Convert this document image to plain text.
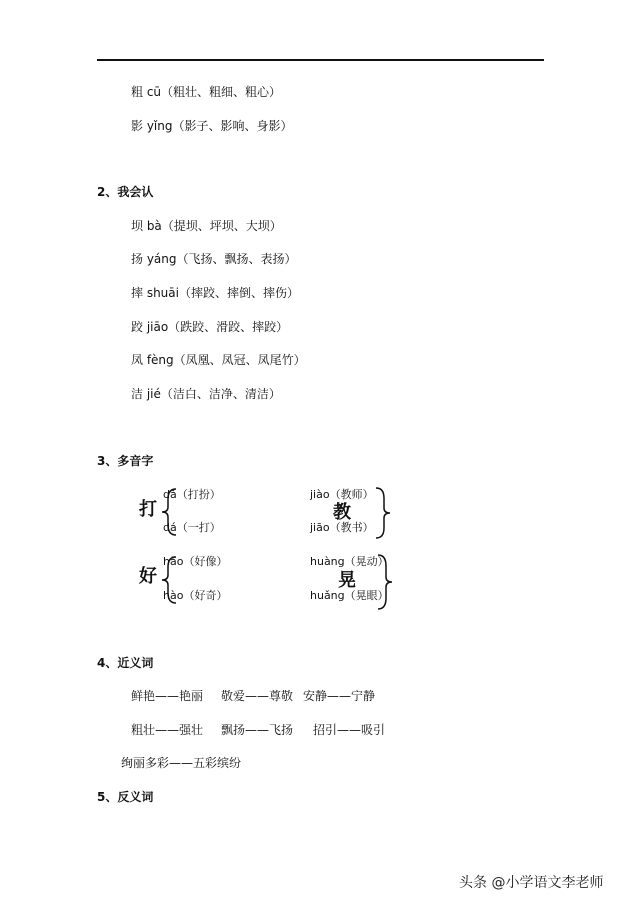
粗 cū（粗壮、粗细、粗心）
影 yǐng（影子、影响、身影）
2、我会认
坝 bà（提坝、坪坝、大坝）
扬 yáng（飞扬、飘扬、表扬）
摔 shuāi（摔跤、摔倒、摔伤）
跤 jiāo（跌跤、滑跤、摔跤）
凤 fèng（凤凰、凤冠、凤尾竹）
洁 jié（洁白、洁净、清洁）
3、多音字
打
dǎ（打扮）
dá（一打）
jiào（教师）
教
jiāo（教书）
好
hǎo（好像）
hào（好奇）
huàng（晃动）
晃
huǎng（晃眼）
4、近义词
鲜艳——艳丽 敬爱——尊敬 安静——宁静
粗壮——强壮 飘扬——飞扬 招引——吸引
绚丽多彩——五彩缤纷
5、反义词
头条 @小学语文李老师
